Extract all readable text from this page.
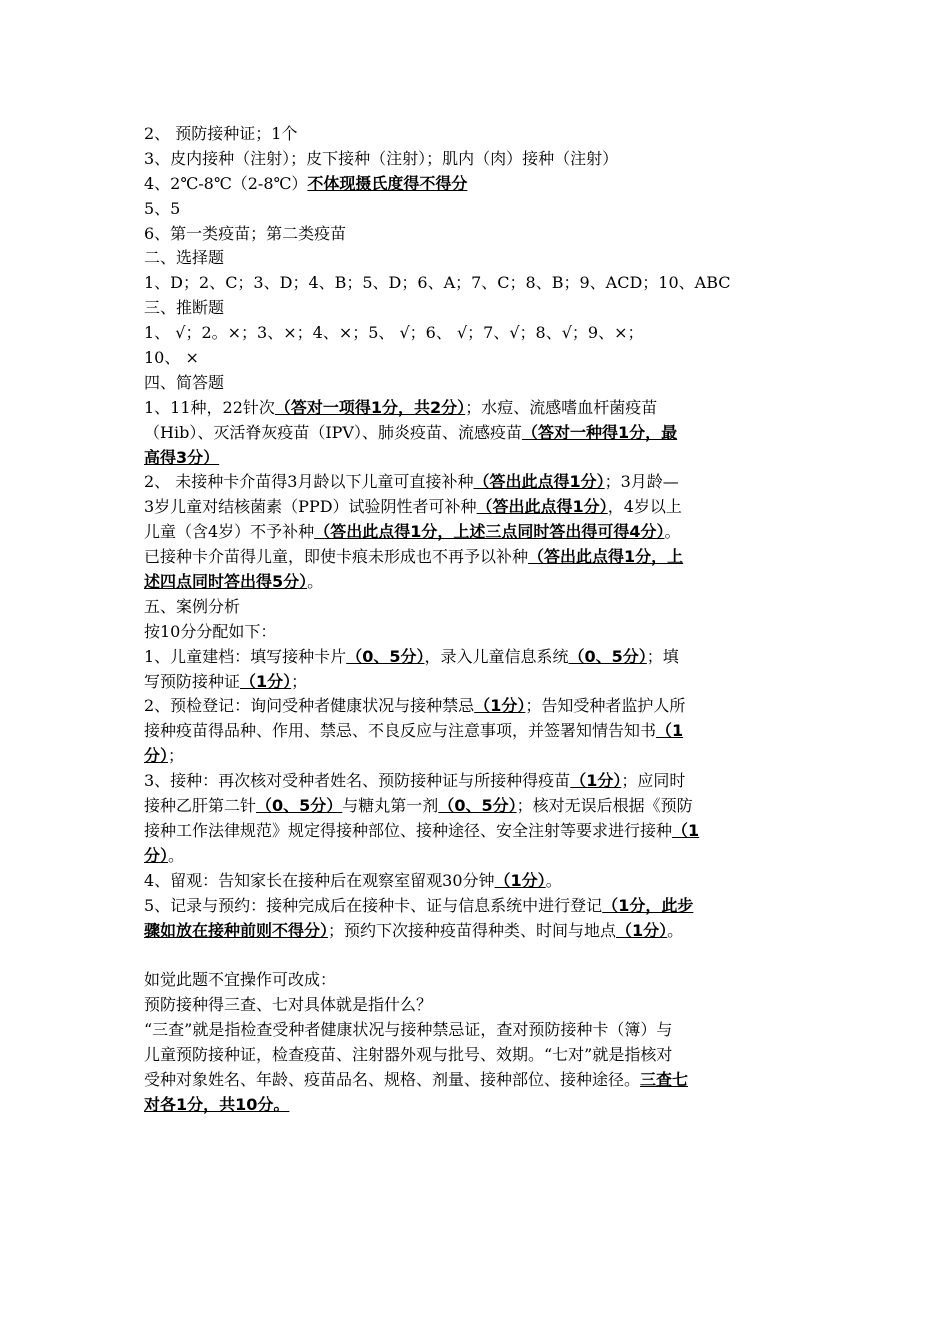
2、 预防接种证；1个
3、皮内接种（注射）；皮下接种（注射）；肌内（肉）接种（注射）
4、2℃-8℃（2-8℃）不体现摄氏度得不得分
5、5
6、第一类疫苗；第二类疫苗
二、选择题
1、D；2、C；3、D；4、B；5、D；6、A；7、C；8、B；9、ACD；10、ABC
三、推断题
1、 √；2。×；3、×；4、×；5、 √；6、 √；7、√；8、√；9、×；
10、 ×
四、简答题
1、11种，22针次（答对一项得1分，共2分）；水痘、流感嗜血杆菌疫苗
（Hib）、灭活脊灰疫苗（IPV）、肺炎疫苗、流感疫苗（答对一种得1分，最
高得3分）
2、 未接种卡介苗得3月龄以下儿童可直接补种（答出此点得1分）；3月龄—
3岁儿童对结核菌素（PPD）试验阴性者可补种（答出此点得1分），4岁以上
儿童（含4岁）不予补种（答出此点得1分，上述三点同时答出得可得4分）。
已接种卡介苗得儿童，即使卡痕未形成也不再予以补种（答出此点得1分，上
述四点同时答出得5分）。
五、案例分析
按10分分配如下：
1、儿童建档：填写接种卡片（0、5分），录入儿童信息系统（0、5分）；填
写预防接种证（1分）；
2、预检登记：询问受种者健康状况与接种禁忌（1分）；告知受种者监护人所
接种疫苗得品种、作用、禁忌、不良反应与注意事项，并签署知情告知书（1
分）；
3、接种：再次核对受种者姓名、预防接种证与所接种得疫苗（1分）；应同时
接种乙肝第二针（0、5分）与糖丸第一剂（0、5分）；核对无误后根据《预防
接种工作法律规范》规定得接种部位、接种途径、安全注射等要求进行接种（1
分）。
4、留观：告知家长在接种后在观察室留观30分钟（1分）。
5、记录与预约：接种完成后在接种卡、证与信息系统中进行登记（1分，此步
骤如放在接种前则不得分）；预约下次接种疫苗得种类、时间与地点（1分）。
如觉此题不宜操作可改成：
预防接种得三查、七对具体就是指什么？
“三查”就是指检查受种者健康状况与接种禁忌证，查对预防接种卡（簿）与
儿童预防接种证，检查疫苗、注射器外观与批号、效期。“七对”就是指核对
受种对象姓名、年龄、疫苗品名、规格、剂量、接种部位、接种途径。三查七
对各1分，共10分。
